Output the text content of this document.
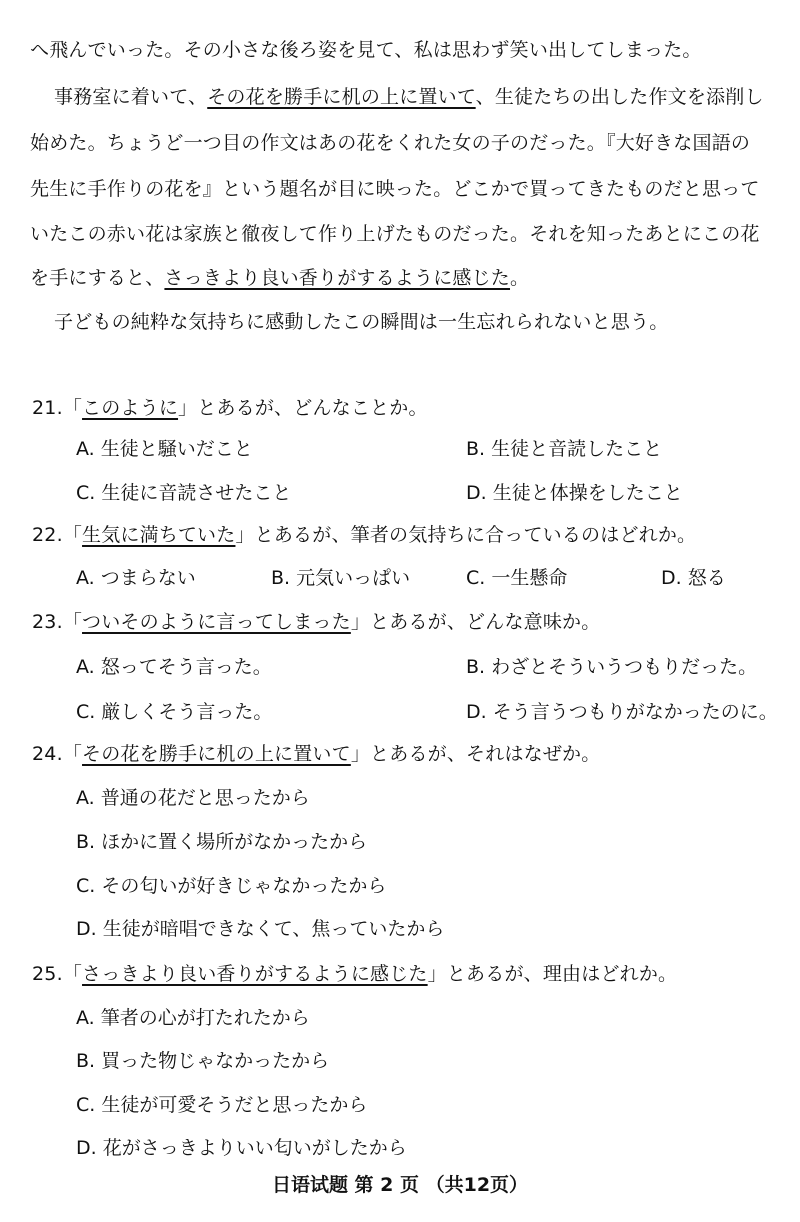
へ飛んでいった。その小さな後ろ姿を見て、私は思わず笑い出してしまった。
事務室に着いて、その花を勝手に机の上に置いて、生徒たちの出した作文を添削し
始めた。ちょうど一つ目の作文はあの花をくれた女の子のだった。『大好きな国語の
先生に手作りの花を』という題名が目に映った。どこかで買ってきたものだと思って
いたこの赤い花は家族と徹夜して作り上げたものだった。それを知ったあとにこの花
を手にすると、さっきより良い香りがするように感じた。
子どもの純粋な気持ちに感動したこの瞬間は一生忘れられないと思う。
21.「このように」とあるが、どんなことか。
A. 生徒と騒いだこと	B. 生徒と音読したこと
C. 生徒に音読させたこと	D. 生徒と体操をしたこと
22.「生気に満ちていた」とあるが、筆者の気持ちに合っているのはどれか。
A. つまらない	B. 元気いっぱい	C. 一生懸命	D. 怒る
23.「ついそのように言ってしまった」とあるが、どんな意味か。
A. 怒ってそう言った。	B. わざとそういうつもりだった。
C. 厳しくそう言った。	D. そう言うつもりがなかったのに。
24.「その花を勝手に机の上に置いて」とあるが、それはなぜか。
A. 普通の花だと思ったから
B. ほかに置く場所がなかったから
C. その匂いが好きじゃなかったから
D. 生徒が暗唱できなくて、焦っていたから
25.「さっきより良い香りがするように感じた」とあるが、理由はどれか。
A. 筆者の心が打たれたから
B. 買った物じゃなかったから
C. 生徒が可愛そうだと思ったから
D. 花がさっきよりいい匂いがしたから
日语试题 第 2 页 （共12页）
